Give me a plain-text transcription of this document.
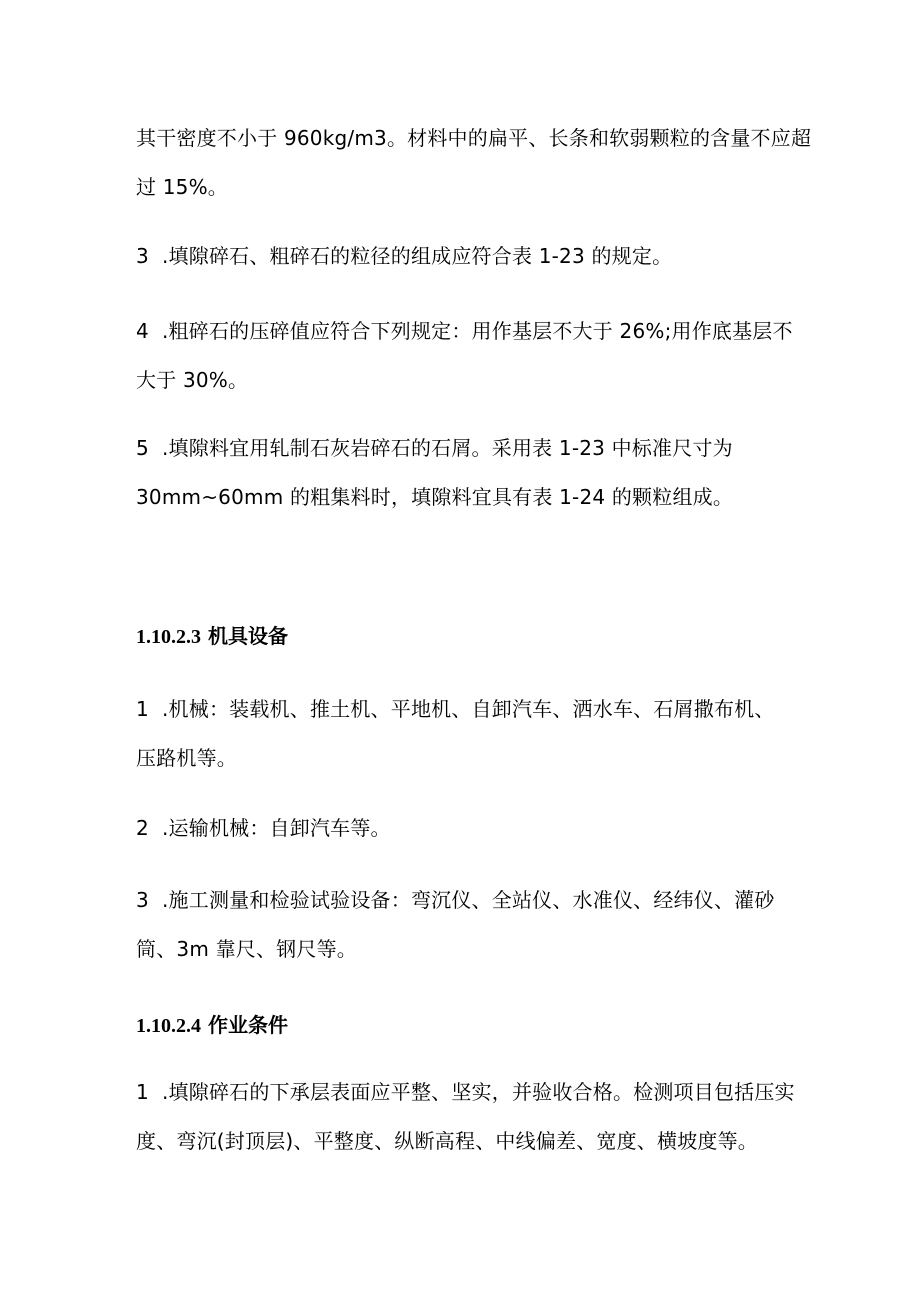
其干密度不小于 960kg/m3。材料中的扁平、长条和软弱颗粒的含量不应超
过 15%。
3 .填隙碎石、粗碎石的粒径的组成应符合表 1-23 的规定。
4 .粗碎石的压碎值应符合下列规定：用作基层不大于 26%;用作底基层不
大于 30%。
5 .填隙料宜用轧制石灰岩碎石的石屑。采用表 1-23 中标准尺寸为
30mm~60mm 的粗集料时，填隙料宜具有表 1-24 的颗粒组成。
1.10.2.3 机具设备
1 .机械：装载机、推土机、平地机、自卸汽车、洒水车、石屑撒布机、
压路机等。
2 .运输机械：自卸汽车等。
3 .施工测量和检验试验设备：弯沉仪、全站仪、水准仪、经纬仪、灌砂
筒、3m 靠尺、钢尺等。
1.10.2.4 作业条件
1 .填隙碎石的下承层表面应平整、坚实，并验收合格。检测项目包括压实
度、弯沉(封顶层)、平整度、纵断高程、中线偏差、宽度、横坡度等。
